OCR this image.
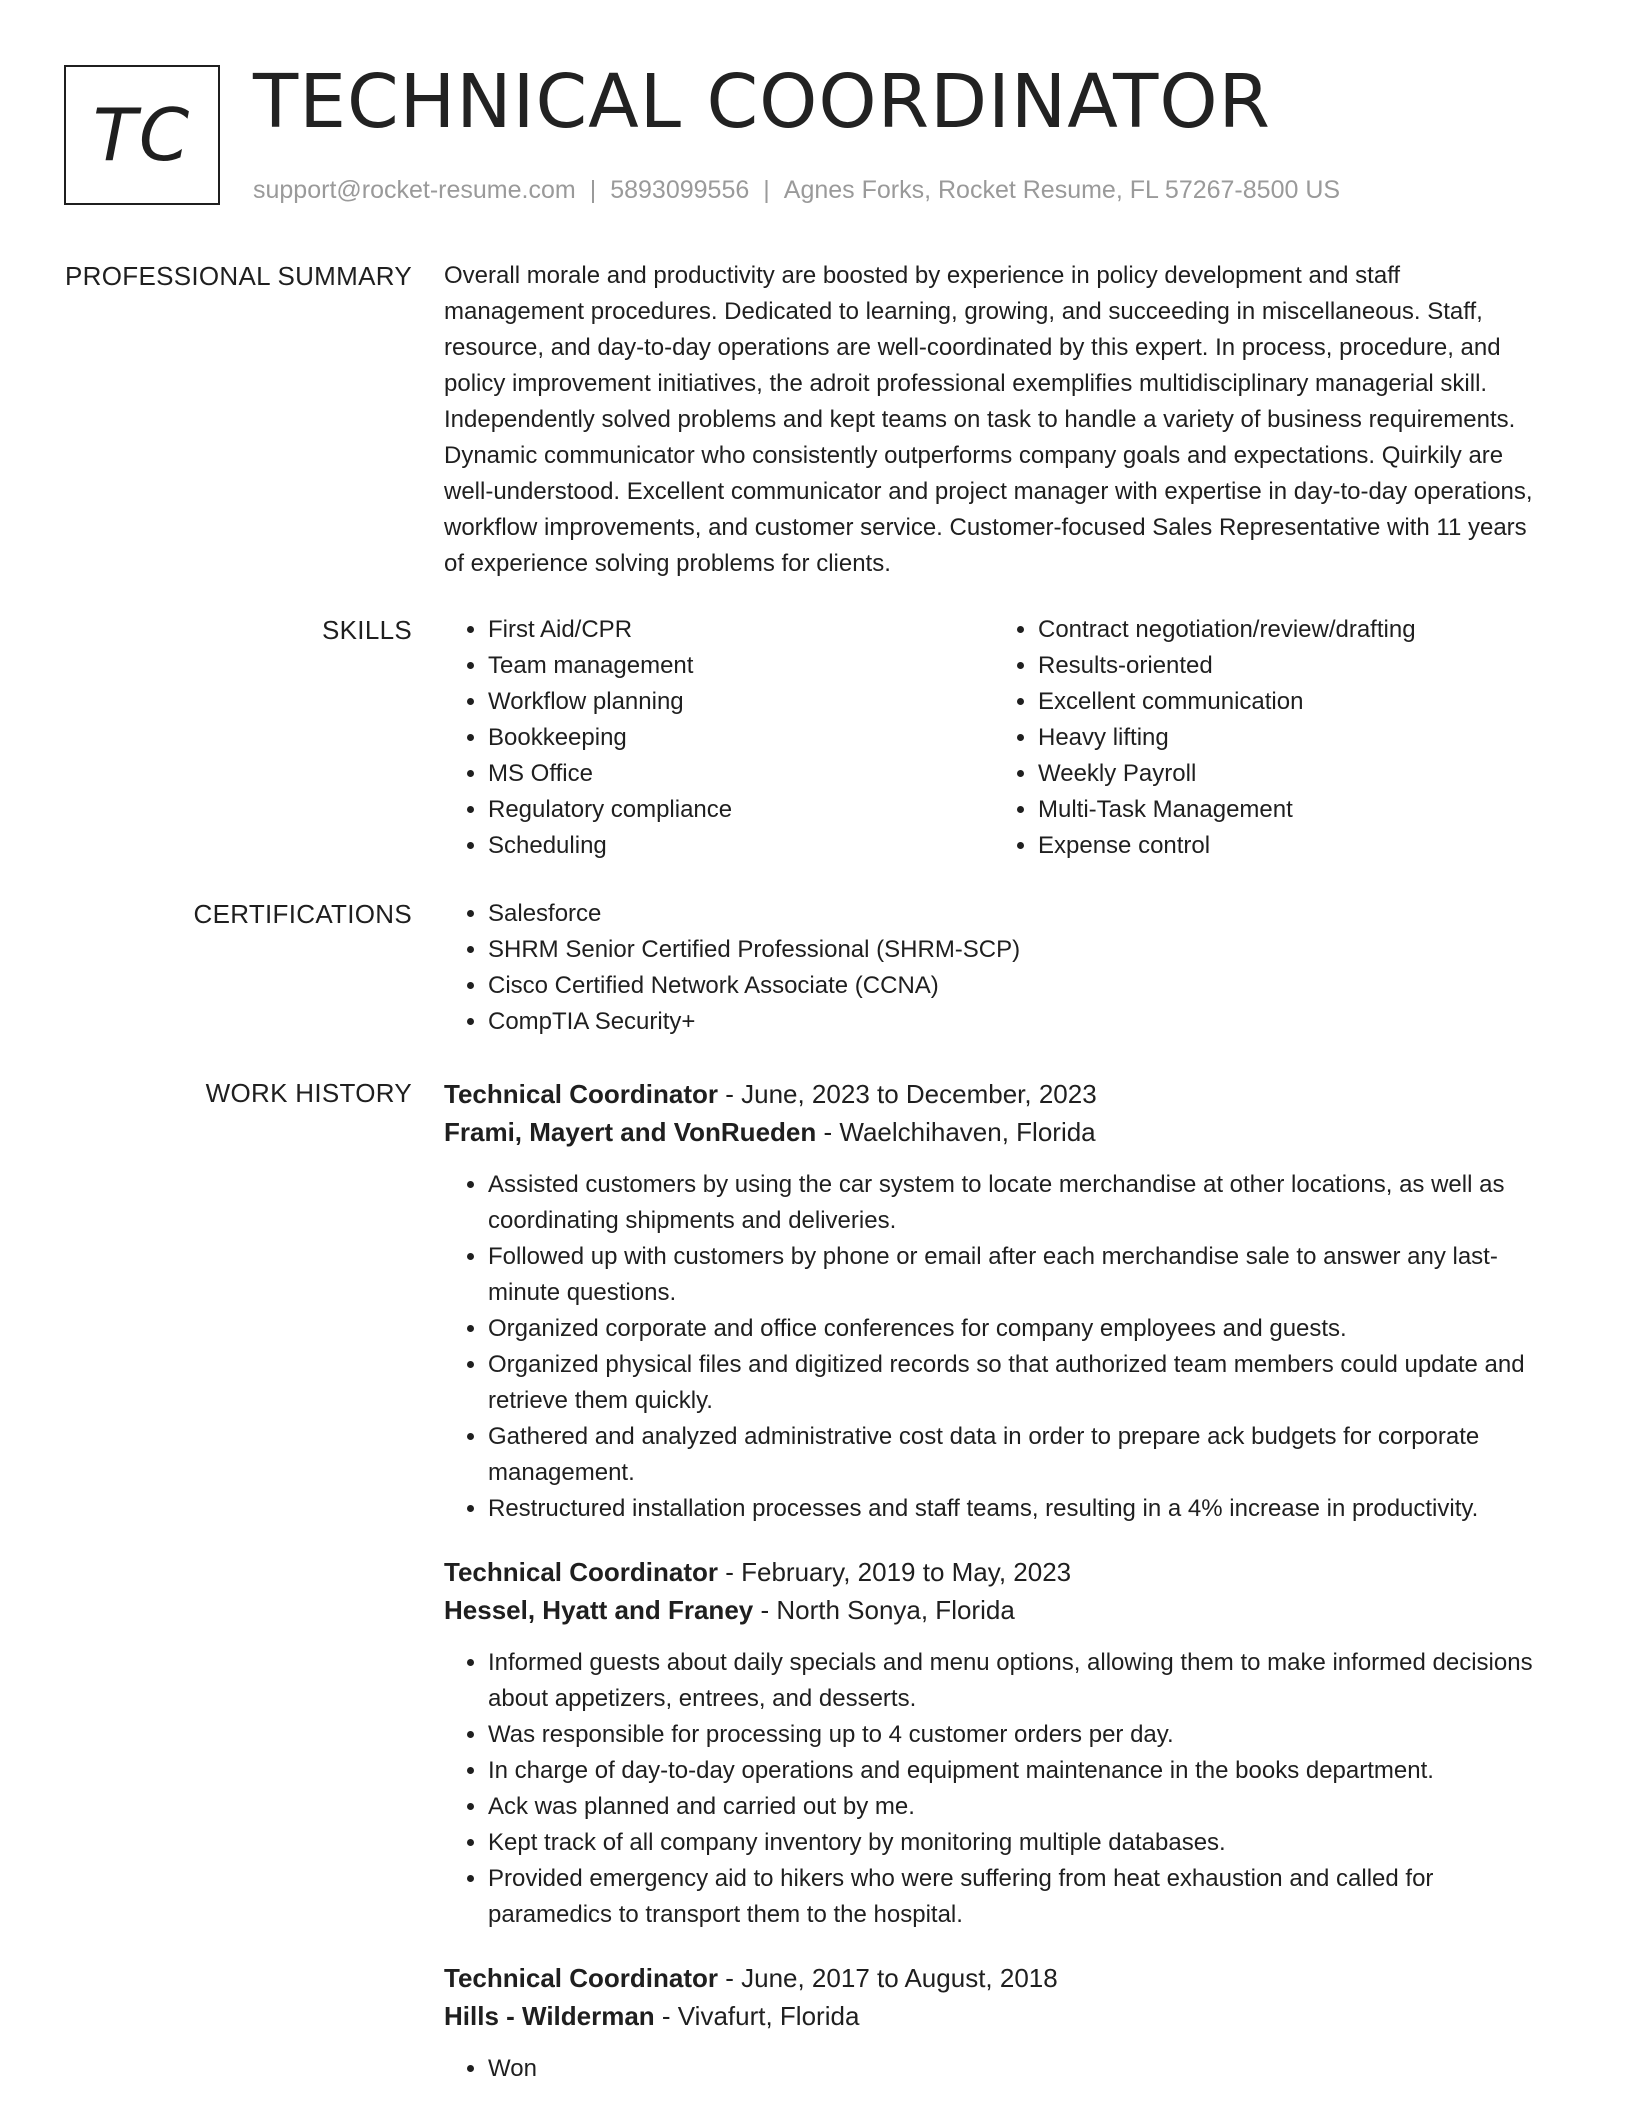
TC TECHNICAL COORDINATOR
support@rocket-resume.com | 5893099556 | Agnes Forks, Rocket Resume, FL 57267-8500 US
PROFESSIONAL SUMMARY Overall morale and productivity are boosted by experience in policy development and staff management procedures. Dedicated to learning, growing, and succeeding in miscellaneous. Staff, resource, and day-to-day operations are well-coordinated by this expert. In process, procedure, and policy improvement initiatives, the adroit professional exemplifies multidisciplinary managerial skill. Independently solved problems and kept teams on task to handle a variety of business requirements. Dynamic communicator who consistently outperforms company goals and expectations. Quirkily are well-understood. Excellent communicator and project manager with expertise in day-to-day operations, workflow improvements, and customer service. Customer-focused Sales Representative with 11 years of experience solving problems for clients.
SKILLS	• First Aid/CPR
• Team management
• Workflow planning
• Bookkeeping
• MS Office
• Regulatory compliance
• Scheduling
• Contract negotiation/review/drafting
• Results-oriented
• Excellent communication
• Heavy lifting
• Weekly Payroll
• Multi-Task Management
• Expense control
CERTIFICATIONS	• Salesforce
• SHRM Senior Certified Professional (SHRM-SCP)
• Cisco Certified Network Associate (CCNA)
• CompTIA Security+
WORK HISTORY Technical Coordinator - June, 2023 to December, 2023
Frami, Mayert and VonRueden - Waelchihaven, Florida
• Assisted customers by using the car system to locate merchandise at other locations, as well as coordinating shipments and deliveries.
• Followed up with customers by phone or email after each merchandise sale to answer any last-minute questions.
• Organized corporate and office conferences for company employees and guests.
• Organized physical files and digitized records so that authorized team members could update and retrieve them quickly.
• Gathered and analyzed administrative cost data in order to prepare ack budgets for corporate management.
• Restructured installation processes and staff teams, resulting in a 4% increase in productivity.
Technical Coordinator - February, 2019 to May, 2023
Hessel, Hyatt and Franey - North Sonya, Florida
• Informed guests about daily specials and menu options, allowing them to make informed decisions about appetizers, entrees, and desserts.
• Was responsible for processing up to 4 customer orders per day.
• In charge of day-to-day operations and equipment maintenance in the books department.
• Ack was planned and carried out by me.
• Kept track of all company inventory by monitoring multiple databases.
• Provided emergency aid to hikers who were suffering from heat exhaustion and called for paramedics to transport them to the hospital.
Technical Coordinator - June, 2017 to August, 2018
Hills - Wilderman - Vivafurt, Florida
• Won
